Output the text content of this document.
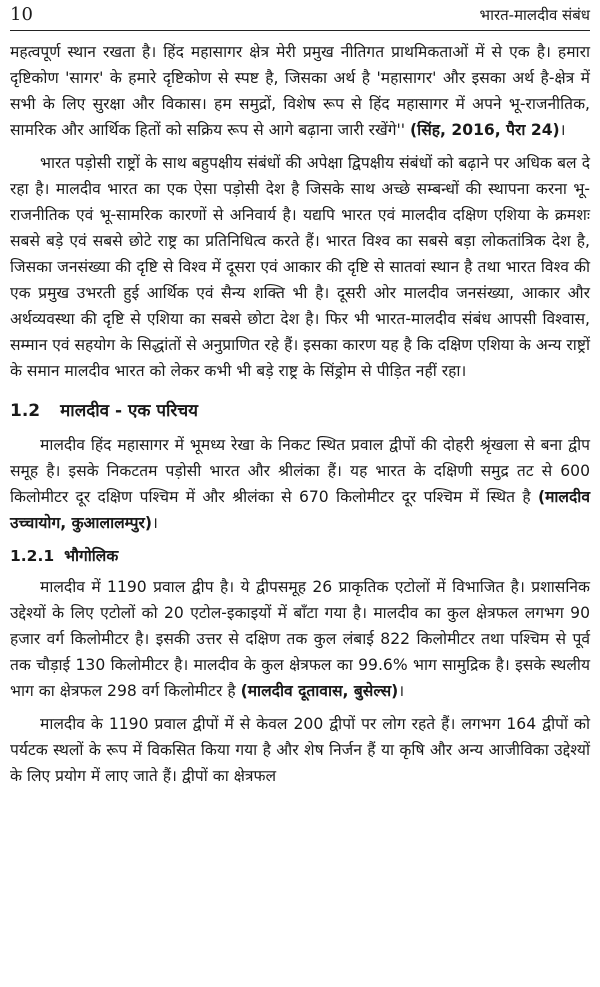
10	भारत-मालदीव संबंध

महत्वपूर्ण स्थान रखता है। हिंद महासागर क्षेत्र मेरी प्रमुख नीतिगत प्राथमिकताओं में से एक है। हमारा दृष्टिकोण 'सागर' के हमारे दृष्टिकोण से स्पष्ट है, जिसका अर्थ है 'महासागर' और इसका अर्थ है-क्षेत्र में सभी के लिए सुरक्षा और विकास। हम समुद्रों, विशेष रूप से हिंद महासागर में अपने भू-राजनीतिक, सामरिक और आर्थिक हितों को सक्रिय रूप से आगे बढ़ाना जारी रखेंगे'' (सिंह, 2016, पैरा 24)।

भारत पड़ोसी राष्ट्रों के साथ बहुपक्षीय संबंधों की अपेक्षा द्विपक्षीय संबंधों को बढ़ाने पर अधिक बल दे रहा है। मालदीव भारत का एक ऐसा पड़ोसी देश है जिसके साथ अच्छे सम्बन्धों की स्थापना करना भू-राजनीतिक एवं भू-सामरिक कारणों से अनिवार्य है। यद्यपि भारत एवं मालदीव दक्षिण एशिया के क्रमशः सबसे बड़े एवं सबसे छोटे राष्ट्र का प्रतिनिधित्व करते हैं। भारत विश्व का सबसे बड़ा लोकतांत्रिक देश है, जिसका जनसंख्या की दृष्टि से विश्व में दूसरा एवं आकार की दृष्टि से सातवां स्थान है तथा भारत विश्व की एक प्रमुख उभरती हुई आर्थिक एवं सैन्य शक्ति भी है। दूसरी ओर मालदीव जनसंख्या, आकार और अर्थव्यवस्था की दृष्टि से एशिया का सबसे छोटा देश है। फिर भी भारत-मालदीव संबंध आपसी विश्वास, सम्मान एवं सहयोग के सिद्धांतों से अनुप्राणित रहे हैं। इसका कारण यह है कि दक्षिण एशिया के अन्य राष्ट्रों के समान मालदीव भारत को लेकर कभी भी बड़े राष्ट्र के सिंड्रोम से पीड़ित नहीं रहा।

1.2 मालदीव - एक परिचय

मालदीव हिंद महासागर में भूमध्य रेखा के निकट स्थित प्रवाल द्वीपों की दोहरी श्रृंखला से बना द्वीप समूह है। इसके निकटतम पड़ोसी भारत और श्रीलंका हैं। यह भारत के दक्षिणी समुद्र तट से 600 किलोमीटर दूर दक्षिण पश्चिम में और श्रीलंका से 670 किलोमीटर दूर पश्चिम में स्थित है (मालदीव उच्चायोग, कुआलालम्पुर)।

1.2.1 भौगोलिक

मालदीव में 1190 प्रवाल द्वीप है। ये द्वीपसमूह 26 प्राकृतिक एटोलों में विभाजित है। प्रशासनिक उद्देश्यों के लिए एटोलों को 20 एटोल-इकाइयों में बाँटा गया है। मालदीव का कुल क्षेत्रफल लगभग 90 हजार वर्ग किलोमीटर है। इसकी उत्तर से दक्षिण तक कुल लंबाई 822 किलोमीटर तथा पश्चिम से पूर्व तक चौड़ाई 130 किलोमीटर है। मालदीव के कुल क्षेत्रफल का 99.6% भाग सामुद्रिक है। इसके स्थलीय भाग का क्षेत्रफल 298 वर्ग किलोमीटर है (मालदीव दूतावास, बुसेल्स)।

मालदीव के 1190 प्रवाल द्वीपों में से केवल 200 द्वीपों पर लोग रहते हैं। लगभग 164 द्वीपों को पर्यटक स्थलों के रूप में विकसित किया गया है और शेष निर्जन हैं या कृषि और अन्य आजीविका उद्देश्यों के लिए प्रयोग में लाए जाते हैं। द्वीपों का क्षेत्रफल
